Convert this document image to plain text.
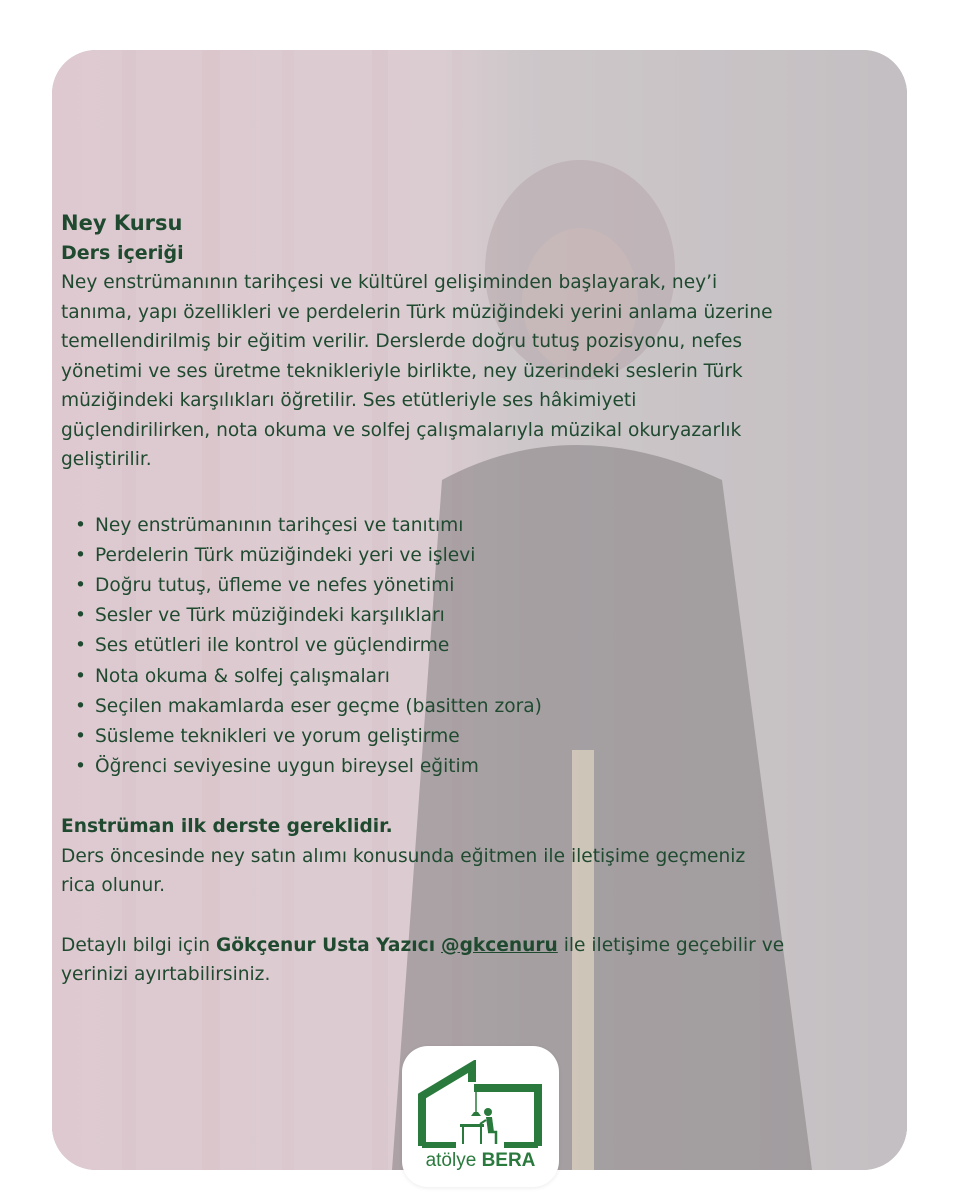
Ney Kursu

Ders içeriği

Ney enstrümanının tarihçesi ve kültürel gelişiminden başlayarak, ney’i
tanıma, yapı özellikleri ve perdelerin Türk müziğindeki yerini anlama üzerine
temellendirilmiş bir eğitim verilir. Derslerde doğru tutuş pozisyonu, nefes
yönetimi ve ses üretme teknikleriyle birlikte, ney üzerindeki seslerin Türk
müziğindeki karşılıkları öğretilir. Ses etütleriyle ses hâkimiyeti
güçlendirilirken, nota okuma ve solfej çalışmalarıyla müzikal okuryazarlık
geliştirilir.

• Ney enstrümanının tarihçesi ve tanıtımı
• Perdelerin Türk müziğindeki yeri ve işlevi
• Doğru tutuş, üfleme ve nefes yönetimi
• Sesler ve Türk müziğindeki karşılıkları
• Ses etütleri ile kontrol ve güçlendirme
• Nota okuma & solfej çalışmaları
• Seçilen makamlarda eser geçme (basitten zora)
• Süsleme teknikleri ve yorum geliştirme
• Öğrenci seviyesine uygun bireysel eğitim

Enstrüman ilk derste gereklidir.

Ders öncesinde ney satın alımı konusunda eğitmen ile iletişime geçmeniz
rica olunur.

Detaylı bilgi için Gökçenur Usta Yazıcı @gkcenuru ile iletişime geçebilir ve
yerinizi ayırtabilirsiniz.

atölye BERA
